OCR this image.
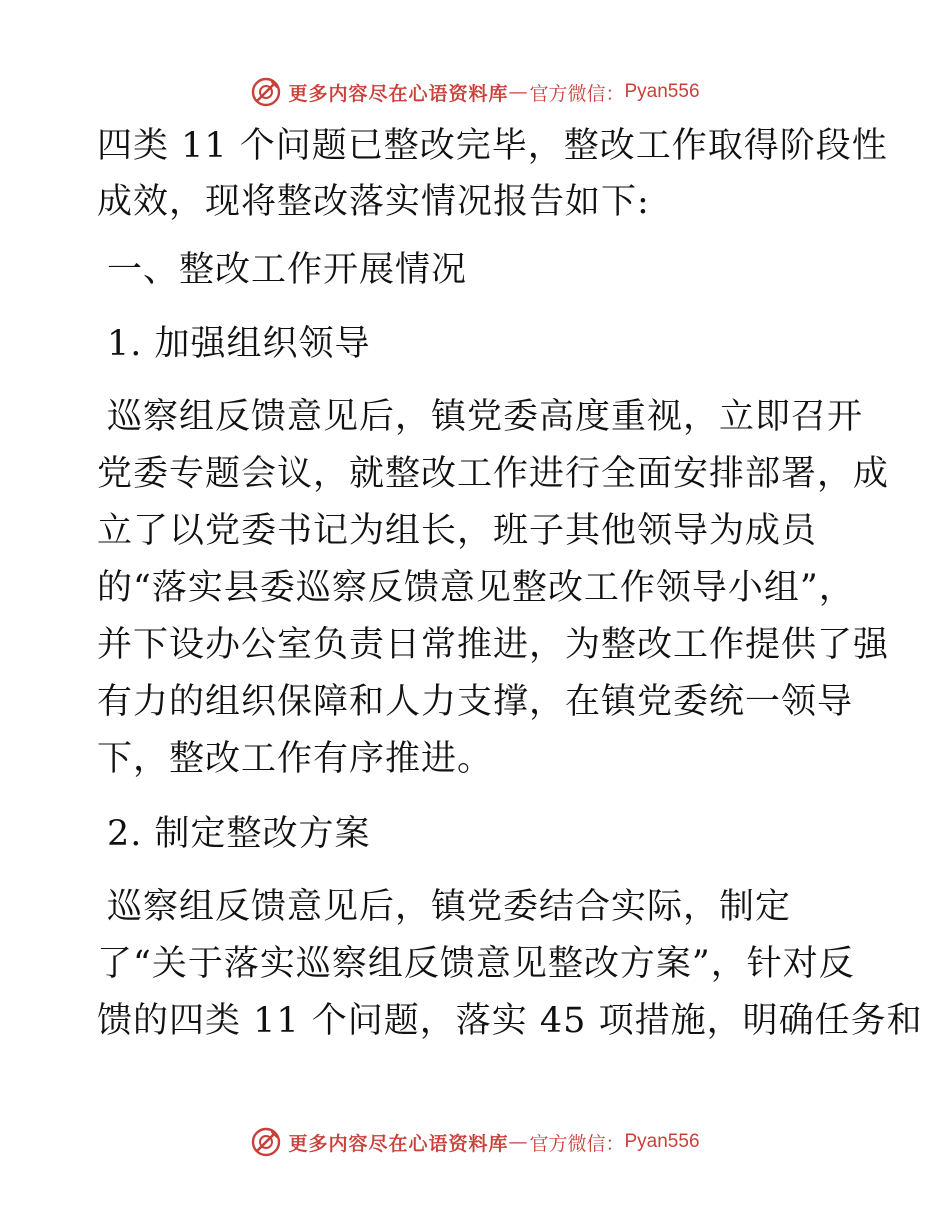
更多内容尽在心语资料库 — 官方微信： Pyan556
四类 11 个问题已整改完毕，整改工作取得阶段性
成效，现将整改落实情况报告如下:
一、整改工作开展情况
1. 加强组织领导
巡察组反馈意见后，镇党委高度重视，立即召开
党委专题会议，就整改工作进行全面安排部署，成
立了以党委书记为组长，班子其他领导为成员
的“落实县委巡察反馈意见整改工作领导小组”，
并下设办公室负责日常推进，为整改工作提供了强
有力的组织保障和人力支撑，在镇党委统一领导
下，整改工作有序推进。
2. 制定整改方案
巡察组反馈意见后，镇党委结合实际，制定
了“关于落实巡察组反馈意见整改方案”，针对反
馈的四类 11 个问题，落实 45 项措施，明确任务和
更多内容尽在心语资料库 — 官方微信： Pyan556
